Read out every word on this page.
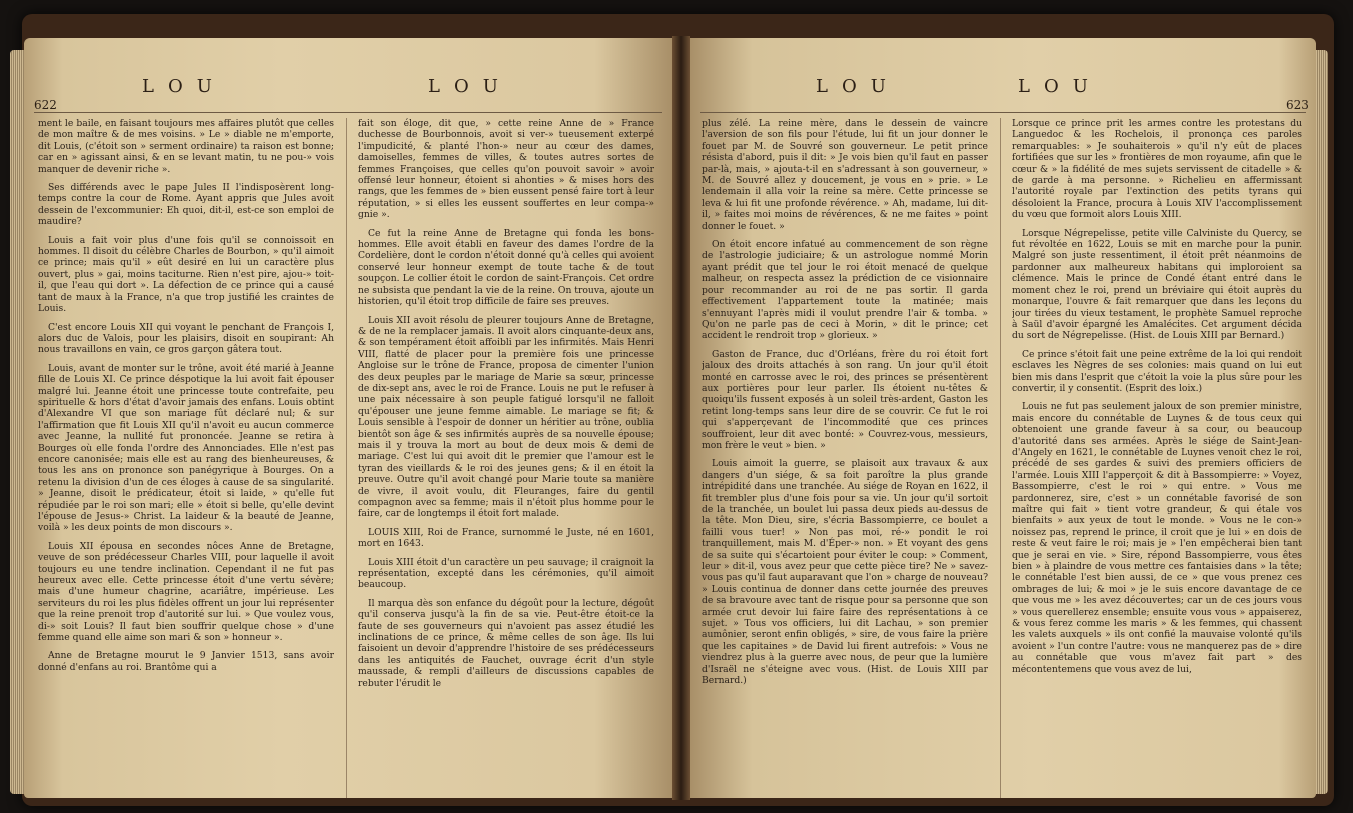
622
LOU	LOU

ment le baile, en faisant toujours mes affaires plutôt que celles de mon maître & de mes voisins. » Le » diable ne m'emporte, dit Louis, (c'étoit son » serment ordinaire) ta raison est bonne; car en » agissant ainsi, & en se levant matin, tu ne pou-» vois manquer de devenir riche ».

Ses différends avec le pape Jules II l'indisposèrent long-temps contre la cour de Rome. Ayant appris que Jules avoit dessein de l'excommunier: Eh quoi, dit-il, est-ce son emploi de maudire?

Louis a fait voir plus d'une fois qu'il se connoissoit en hommes. Il disoit du célèbre Charles de Bourbon, » qu'il aimoit ce prince; mais qu'il » eût desiré en lui un caractère plus ouvert, plus » gai, moins taciturne. Rien n'est pire, ajou-» toit-il, que l'eau qui dort ». La défection de ce prince qui a causé tant de maux à la France, n'a que trop justifié les craintes de Louis.

C'est encore Louis XII qui voyant le penchant de François I, alors duc de Valois, pour les plaisirs, disoit en soupirant: Ah nous travaillons en vain, ce gros garçon gâtera tout.

Louis, avant de monter sur le trône, avoit été marié à Jeanne fille de Louis XI. Ce prince déspotique la lui avoit fait épouser malgré lui. Jeanne étoit une princesse toute contrefaite, peu spirituelle & hors d'état d'avoir jamais des enfans. Louis obtint d'Alexandre VI que son mariage fût déclaré nul; & sur l'affirmation que fit Louis XII qu'il n'avoit eu aucun commerce avec Jeanne, la nullité fut prononcée. Jeanne se retira à Bourges où elle fonda l'ordre des Annonciades. Elle n'est pas encore canonisée; mais elle est au rang des bienheureuses, & tous les ans on prononce son panégyrique à Bourges. On a retenu la division d'un de ces éloges à cause de sa singularité. » Jeanne, disoit le prédicateur, étoit si laide, » qu'elle fut répudiée par le roi son mari; elle » étoit si belle, qu'elle devint l'épouse de Jesus-» Christ. La laideur & la beauté de Jeanne, voilà » les deux points de mon discours ».

Louis XII épousa en secondes nôces Anne de Bretagne, veuve de son prédécesseur Charles VIII, pour laquelle il avoit toujours eu une tendre inclination. Cependant il ne fut pas heureux avec elle. Cette princesse étoit d'une vertu sévère; mais d'une humeur chagrine, acariâtre, impérieuse. Les serviteurs du roi les plus fidèles offrent un jour lui représenter que la reine prenoit trop d'autorité sur lui. » Que voulez vous, di-» soit Louis? Il faut bien souffrir quelque chose » d'une femme quand elle aime son mari & son » honneur ».

Anne de Bretagne mourut le 9 Janvier 1513, sans avoir donné d'enfans au roi. Brantôme qui a

fait son éloge, dit que, » cette reine Anne de » France duchesse de Bourbonnois, avoit si ver-» tueusement exterpé l'impudicité, & planté l'hon-» neur au cœur des dames, damoiselles, femmes de villes, & toutes autres sortes de femmes Françoises, que celles qu'on pouvoit savoir » avoir offensé leur honneur, étoient si ahonties » & mises hors des rangs, que les femmes de » bien eussent pensé faire tort à leur réputation, » si elles les eussent souffertes en leur compa-» gnie ».

Ce fut la reine Anne de Bretagne qui fonda les bons-hommes. Elle avoit établi en faveur des dames l'ordre de la Cordelière, dont le cordon n'étoit donné qu'à celles qui avoient conservé leur honneur exempt de toute tache & de tout soupçon. Le collier étoit le cordon de saint-François. Cet ordre ne subsista que pendant la vie de la reine. On trouva, ajoute un historien, qu'il étoit trop difficile de faire ses preuves.

Louis XII avoit résolu de pleurer toujours Anne de Bretagne, & de ne la remplacer jamais. Il avoit alors cinquante-deux ans, & son tempérament étoit affoibli par les infirmités. Mais Henri VIII, flatté de placer pour la première fois une princesse Angloise sur le trône de France, proposa de cimenter l'union des deux peuples par le mariage de Marie sa sœur, princesse de dix-sept ans, avec le roi de France. Louis ne put le refuser à une paix nécessaire à son peuple fatigué lorsqu'il ne falloit qu'épouser une jeune femme aimable. Le mariage se fit; & Louis sensible à l'espoir de donner un héritier au trône, oublia bientôt son âge & ses infirmités auprès de sa nouvelle épouse; mais il y trouva la mort au bout de deux mois & demi de mariage. C'est lui qui avoit dit le premier que l'amour est le tyran des vieillards & le roi des jeunes gens; & il en étoit la preuve. Outre qu'il avoit changé pour Marie toute sa manière de vivre, il avoit voulu, dit Fleuranges, faire du gentil compagnon avec sa femme; mais il n'étoit plus homme pour le faire, car de longtemps il étoit fort malade.

LOUIS XIII, Roi de France, surnommé le Juste, né en 1601, mort en 1643.

Louis XIII étoit d'un caractère un peu sauvage; il craignoit la représentation, excepté dans les cérémonies, qu'il aimoit beaucoup.

Il marqua dès son enfance du dégoût pour la lecture, dégoût qu'il conserva jusqu'à la fin de sa vie. Peut-être étoit-ce la faute de ses gouverneurs qui n'avoient pas assez étudié les inclinations de ce prince, & même celles de son âge. Ils lui faisoient un devoir d'apprendre l'histoire de ses prédécesseurs dans les antiquités de Fauchet, ouvrage écrit d'un style maussade, & rempli d'ailleurs de discussions capables de rebuter l'érudit le

LOU	LOU
623

plus zélé. La reine mère, dans le dessein de vaincre l'aversion de son fils pour l'étude, lui fit un jour donner le fouet par M. de Souvré son gouverneur. Le petit prince résista d'abord, puis il dit: » Je vois bien qu'il faut en passer par-là, mais, » ajouta-t-il en s'adressant à son gouverneur, » M. de Souvré allez y doucement, je vous en » prie. » Le lendemain il alla voir la reine sa mère. Cette princesse se leva & lui fit une profonde révérence. » Ah, madame, lui dit-il, » faites moi moins de révérences, & ne me faites » point donner le fouet. »

On étoit encore infatué au commencement de son règne de l'astrologie judiciaire; & un astrologue nommé Morin ayant prédit que tel jour le roi étoit menacé de quelque malheur, on respecta assez la prédiction de ce visionnaire pour recommander au roi de ne pas sortir. Il garda effectivement l'appartement toute la matinée; mais s'ennuyant l'après midi il voulut prendre l'air & tomba. » Qu'on ne parle pas de ceci à Morin, » dit le prince; cet accident le rendroit trop » glorieux. »

Gaston de France, duc d'Orléans, frère du roi étoit fort jaloux des droits attachés à son rang. Un jour qu'il étoit monté en carrosse avec le roi, des princes se présentèrent aux portières pour leur parler. Ils étoient nu-têtes & quoiqu'ils fussent exposés à un soleil très-ardent, Gaston les retint long-temps sans leur dire de se couvrir. Ce fut le roi qui s'apperçevant de l'incommodité que ces princes souffroient, leur dit avec bonté: » Couvrez-vous, messieurs, mon frère le veut » bien. »

Louis aimoit la guerre, se plaisoit aux travaux & aux dangers d'un siége, & sa foit paroître la plus grande intrépidité dans une tranchée. Au siége de Royan en 1622, il fit trembler plus d'une fois pour sa vie. Un jour qu'il sortoit de la tranchée, un boulet lui passa deux pieds au-dessus de la tête. Mon Dieu, sire, s'écria Bassompierre, ce boulet a failli vous tuer! » Non pas moi, ré-» pondit le roi tranquillement, mais M. d'Éper-» non. » Et voyant des gens de sa suite qui s'écartoient pour éviter le coup: » Comment, leur » dit-il, vous avez peur que cette pièce tire? Ne » savez-vous pas qu'il faut auparavant que l'on » charge de nouveau? » Louis continua de donner dans cette journée des preuves de sa bravoure avec tant de risque pour sa personne que son armée crut devoir lui faire faire des représentations à ce sujet. » Tous vos officiers, lui dit Lachau, » son premier aumônier, seront enfin obligés, » sire, de vous faire la prière que les capitaines » de David lui firent autrefois: » Vous ne viendrez plus à la guerre avec nous, de peur que la lumière d'Israël ne s'éteigne avec vous. (Hist. de Louis XIII par Bernard.)

Lorsque ce prince prit les armes contre les protestans du Languedoc & les Rochelois, il prononça ces paroles remarquables: » Je souhaiterois » qu'il n'y eût de places fortifiées que sur les » frontières de mon royaume, afin que le cœur & » la fidélité de mes sujets servissent de citadelle » & de garde à ma personne. » Richelieu en affermissant l'autorité royale par l'extinction des petits tyrans qui désoloient la France, procura à Louis XIV l'accomplissement du vœu que formoit alors Louis XIII.

Lorsque Négrepelisse, petite ville Calviniste du Quercy, se fut révoltée en 1622, Louis se mit en marche pour la punir. Malgré son juste ressentiment, il étoit prêt néanmoins de pardonner aux malheureux habitans qui imploroient sa clémence. Mais le prince de Condé étant entré dans le moment chez le roi, prend un bréviaire qui étoit auprès du monarque, l'ouvre & fait remarquer que dans les leçons du jour tirées du vieux testament, le prophète Samuel reproche à Saül d'avoir épargné les Amalécites. Cet argument décida du sort de Négrepelisse. (Hist. de Louis XIII par Bernard.)

Ce prince s'étoit fait une peine extrême de la loi qui rendoit esclaves les Nègres de ses colonies: mais quand on lui eut bien mis dans l'esprit que c'étoit la voie la plus sûre pour les convertir, il y consentit. (Esprit des loix.)

Louis ne fut pas seulement jaloux de son premier ministre, mais encore du connétable de Luynes & de tous ceux qui obtenoient une grande faveur à sa cour, ou beaucoup d'autorité dans ses armées. Après le siége de Saint-Jean-d'Angely en 1621, le connétable de Luynes venoit chez le roi, précédé de ses gardes & suivi des premiers officiers de l'armée. Louis XIII l'apperçoit & dit à Bassompierre: » Voyez, Bassompierre, c'est le roi » qui entre. » Vous me pardonnerez, sire, c'est » un connétable favorisé de son maître qui fait » tient votre grandeur, & qui étale vos bienfaits » aux yeux de tout le monde. » Vous ne le con-» noissez pas, reprend le prince, il croit que je lui » en dois de reste & veut faire le roi; mais je » l'en empêcherai bien tant que je serai en vie. » Sire, répond Bassompierre, vous êtes bien » à plaindre de vous mettre ces fantaisies dans » la tête; le connétable l'est bien aussi, de ce » que vous prenez ces ombrages de lui; & moi » je le suis encore davantage de ce que vous me » les avez découvertes; car un de ces jours vous » vous querellerez ensemble; ensuite vous vous » appaiserez, & vous ferez comme les maris » & les femmes, qui chassent les valets auxquels » ils ont confié la mauvaise volonté qu'ils avoient » l'un contre l'autre: vous ne manquerez pas de » dire au connétable que vous m'avez fait part » des mécontentemens que vous avez de lui,
